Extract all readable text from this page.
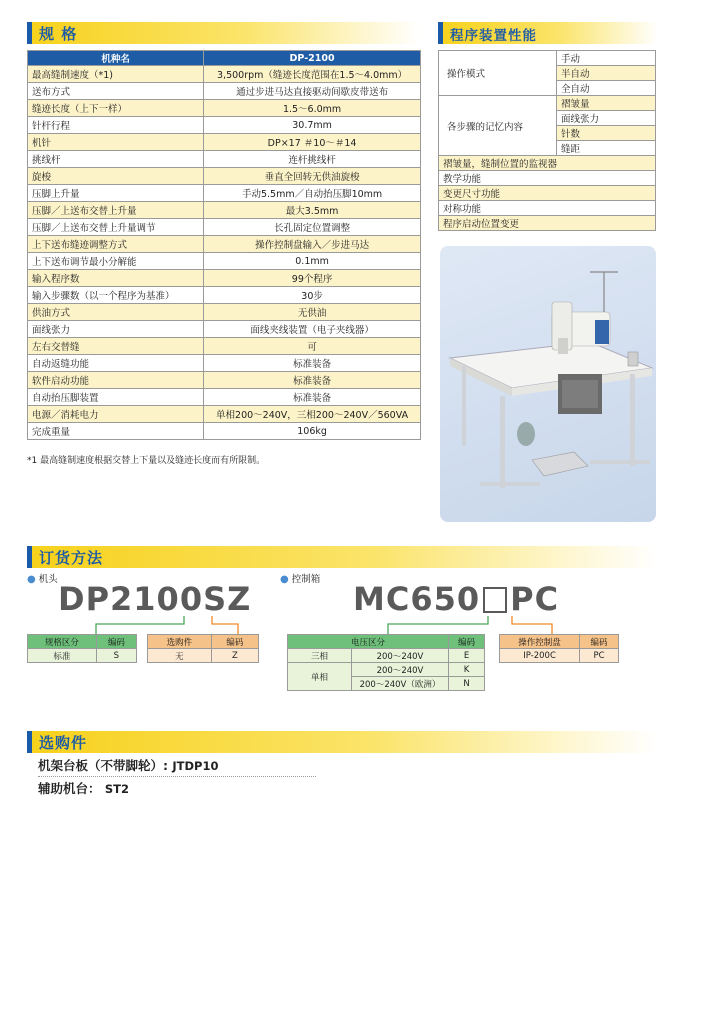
规 格
机种名	DP-2100
最高缝制速度（*1)	3,500rpm（缝迹长度范围在1.5～4.0mm）
送布方式	通过步进马达直接驱动间歇皮带送布
缝迹长度（上下一样）	1.5～6.0mm
针杆行程	30.7mm
机针	DP×17 ＃10～＃14
挑线杆	连杆挑线杆
旋梭	垂直全回转无供油旋梭
压脚上升量	手动5.5mm／自动抬压脚10mm
压脚／上送布交替上升量	最大3.5mm
压脚／上送布交替上升量调节	长孔固定位置调整
上下送布缝迹调整方式	操作控制盘输入／步进马达
上下送布调节最小分解能	0.1mm
输入程序数	99个程序
输入步骤数（以一个程序为基准）	30步
供油方式	无供油
面线张力	面线夹线装置（电子夹线器）
左右交替缝	可
自动返缝功能	标准装备
软件启动功能	标准装备
自动抬压脚装置	标准装备
电源／消耗电力	单相200～240V，三相200～240V／560VA
完成重量	106kg
*1 最高缝制速度根据交替上下量以及缝迹长度而有所限制。
程序装置性能
操作模式	手动
	半自动
	全自动
各步骤的记忆内容	褶皱量
	面线张力
	针数
	缝距
褶皱量，缝制位置的监视器	
教学功能	
变更尺寸功能	
对称功能	
程序启动位置变更	
订货方法
● 机头
DP2100SZ
● 控制箱
MC650 PC
规格区分	编码
标准	S
选购件	编码
无	Z
电压区分		编码
三相	200～240V	E
单相	200～240V	K
	200～240V（欧洲）	N
操作控制盘	编码
IP-200C	PC
选购件
机架台板（不带脚轮）: JTDP10
辅助机台： ST2
